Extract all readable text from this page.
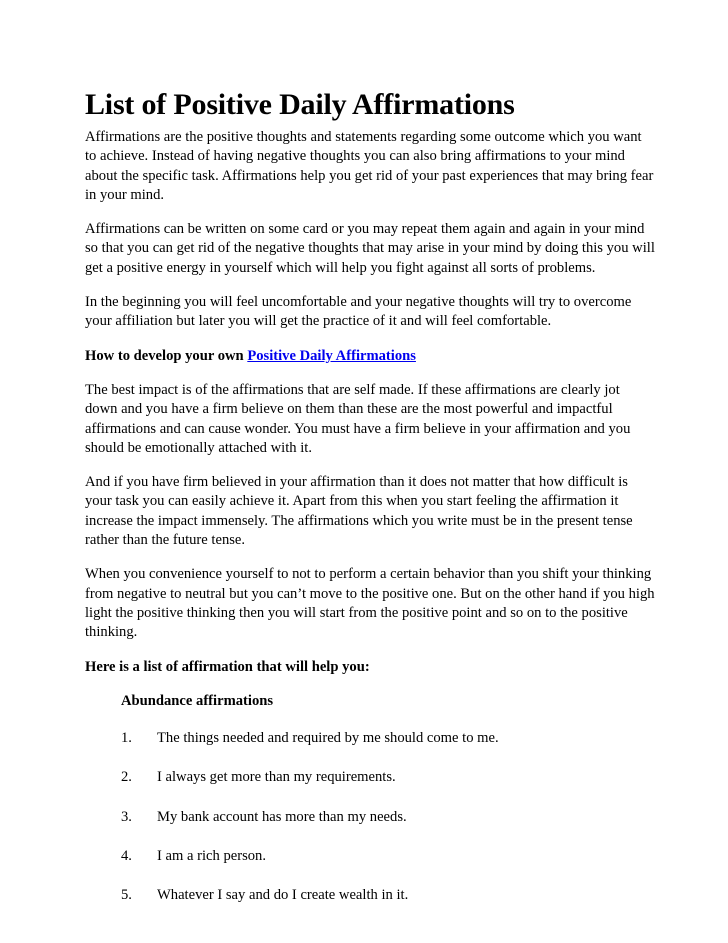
List of Positive Daily Affirmations

Affirmations are the positive thoughts and statements regarding some outcome which you want to achieve. Instead of having negative thoughts you can also bring affirmations to your mind about the specific task. Affirmations help you get rid of your past experiences that may bring fear in your mind.

Affirmations can be written on some card or you may repeat them again and again in your mind so that you can get rid of the negative thoughts that may arise in your mind by doing this you will get a positive energy in yourself which will help you fight against all sorts of problems.

In the beginning you will feel uncomfortable and your negative thoughts will try to overcome your affiliation but later you will get the practice of it and will feel comfortable.

How to develop your own Positive Daily Affirmations

The best impact is of the affirmations that are self made. If these affirmations are clearly jot down and you have a firm believe on them than these are the most powerful and impactful affirmations and can cause wonder. You must have a firm believe in your affirmation and you should be emotionally attached with it.

And if you have firm believed in your affirmation than it does not matter that how difficult is your task you can easily achieve it. Apart from this when you start feeling the affirmation it increase the impact immensely. The affirmations which you write must be in the present tense rather than the future tense.

When you convenience yourself to not to perform a certain behavior than you shift your thinking from negative to neutral but you can’t move to the positive one. But on the other hand if you high light the positive thinking then you will start from the positive point and so on to the positive thinking.

Here is a list of affirmation that will help you:

Abundance affirmations
1.	The things needed and required by me should come to me.
2.	I always get more than my requirements.
3.	My bank account has more than my needs.
4.	I am a rich person.
5.	Whatever I say and do I create wealth in it.
